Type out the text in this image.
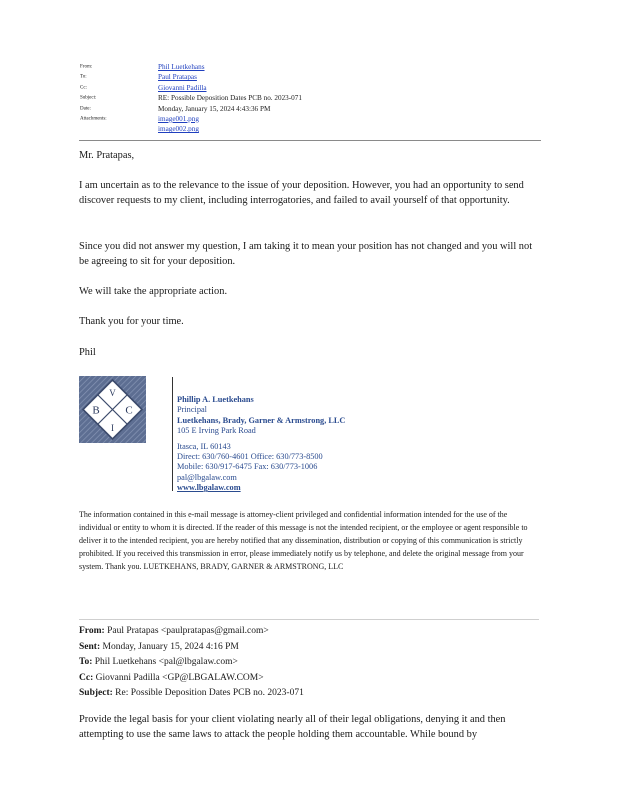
From:	Phil Luetkehans
To:	Paul Pratapas
Cc:	Giovanni Padilla
Subject:	RE: Possible Deposition Dates PCB no. 2023-071
Date:	Monday, January 15, 2024 4:43:36 PM
Attachments:	image001.png
image002.png

Mr. Pratapas,

I am uncertain as to the relevance to the issue of your deposition. However, you had an opportunity to send discover requests to my client, including interrogatories, and failed to avail yourself of that opportunity.

Since you did not answer my question, I am taking it to mean your position has not changed and you will not be agreeing to sit for your deposition.

We will take the appropriate action.

Thank you for your time.

Phil

B
V
C
I
Phillip A. Luetkehans
Principal
Luetkehans, Brady, Garner & Armstrong, LLC
105 E Irving Park Road
Itasca, IL 60143
Direct: 630/760-4601 Office: 630/773-8500
Mobile: 630/917-6475 Fax: 630/773-1006
pal@lbgalaw.com
www.lbgalaw.com

The information contained in this e-mail message is attorney-client privileged and confidential information intended for the use of the individual or entity to whom it is directed. If the reader of this message is not the intended recipient, or the employee or agent responsible to deliver it to the intended recipient, you are hereby notified that any dissemination, distribution or copying of this communication is strictly prohibited. If you received this transmission in error, please immediately notify us by telephone, and delete the original message from your system. Thank you. LUETKEHANS, BRADY, GARNER & ARMSTRONG, LLC

From: Paul Pratapas <paulpratapas@gmail.com>
Sent: Monday, January 15, 2024 4:16 PM
To: Phil Luetkehans <pal@lbgalaw.com>
Cc: Giovanni Padilla <GP@LBGALAW.COM>
Subject: Re: Possible Deposition Dates PCB no. 2023-071

Provide the legal basis for your client violating nearly all of their legal obligations, denying it and then attempting to use the same laws to attack the people holding them accountable. While bound by
